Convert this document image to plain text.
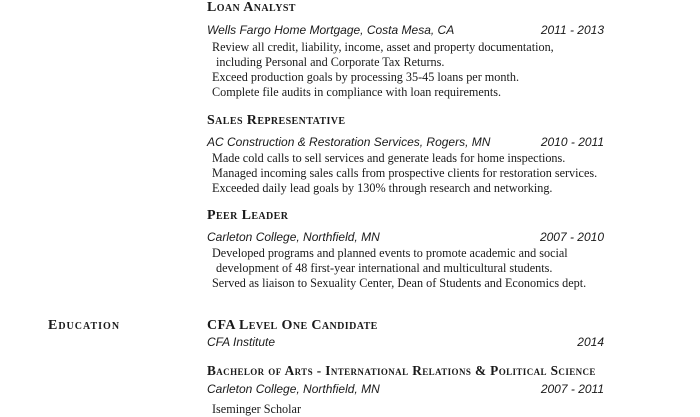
Loan Analyst
Wells Fargo Home Mortgage, Costa Mesa, CA	2011 - 2013
Review all credit, liability, income, asset and property documentation,
including Personal and Corporate Tax Returns.
Exceed production goals by processing 35-45 loans per month.
Complete file audits in compliance with loan requirements.
Sales Representative
AC Construction & Restoration Services, Rogers, MN	2010 - 2011
Made cold calls to sell services and generate leads for home inspections.
Managed incoming sales calls from prospective clients for restoration services.
Exceeded daily lead goals by 130% through research and networking.
Peer Leader
Carleton College, Northfield, MN	2007 - 2010
Developed programs and planned events to promote academic and social
development of 48 first-year international and multicultural students.
Served as liaison to Sexuality Center, Dean of Students and Economics dept.
Education	CFA Level One Candidate
CFA Institute	2014
Bachelor of Arts - International Relations & Political Science
Carleton College, Northfield, MN	2007 - 2011
Iseminger Scholar
